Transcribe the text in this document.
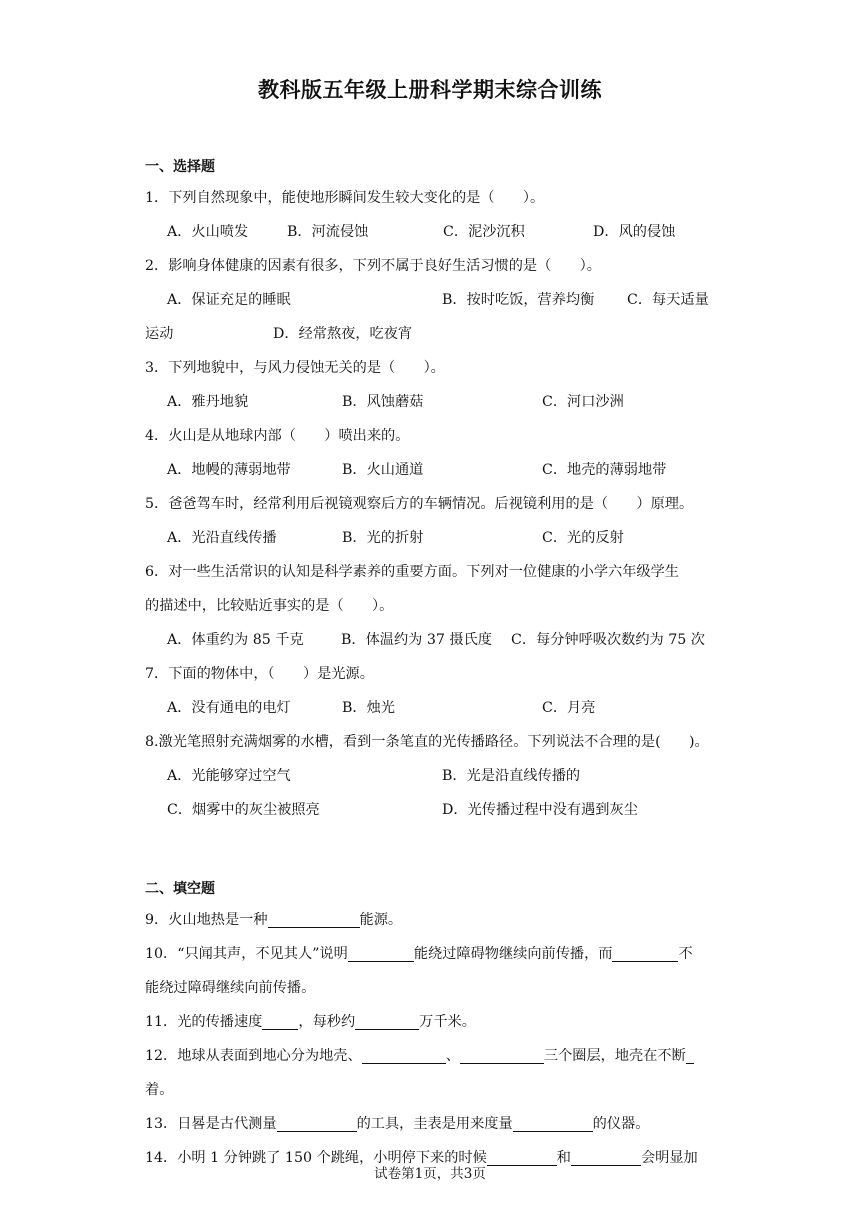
教科版五年级上册科学期末综合训练
一、选择题
1．下列自然现象中，能使地形瞬间发生较大变化的是（　　）。
A．火山喷发	B．河流侵蚀	C．泥沙沉积	D．风的侵蚀
2．影响身体健康的因素有很多，下列不属于良好生活习惯的是（　　）。
A．保证充足的睡眠	B．按时吃饭，营养均衡	C．每天适量
运动	D．经常熬夜，吃夜宵
3．下列地貌中，与风力侵蚀无关的是（　　）。
A．雅丹地貌	B．风蚀蘑菇	C．河口沙洲
4．火山是从地球内部（　　）喷出来的。
A．地幔的薄弱地带	B．火山通道	C．地壳的薄弱地带
5．爸爸驾车时，经常利用后视镜观察后方的车辆情况。后视镜利用的是（　　）原理。
A．光沿直线传播	B．光的折射	C．光的反射
6．对一些生活常识的认知是科学素养的重要方面。下列对一位健康的小学六年级学生
的描述中，比较贴近事实的是（　　）。
A．体重约为 85 千克	B．体温约为 37 摄氏度	C．每分钟呼吸次数约为 75 次
7．下面的物体中，（　　）是光源。
A．没有通电的电灯	B．烛光	C．月亮
8.激光笔照射充满烟雾的水槽，看到一条笔直的光传播路径。下列说法不合理的是(　　)。
A．光能够穿过空气	B．光是沿直线传播的
C．烟雾中的灰尘被照亮	D．光传播过程中没有遇到灰尘
二、填空题
9．火山地热是一种	能源。
10．“只闻其声，不见其人”说明	能绕过障碍物继续向前传播，而	不
能绕过障碍继续向前传播。
11．光的传播速度	，每秒约	万千米。
12．地球从表面到地心分为地壳、	、	三个圈层，地壳在不断
着。
13．日晷是古代测量	的工具，圭表是用来度量	的仪器。
14．小明 1 分钟跳了 150 个跳绳，小明停下来的时候	和	会明显加
试卷第1页，共3页
